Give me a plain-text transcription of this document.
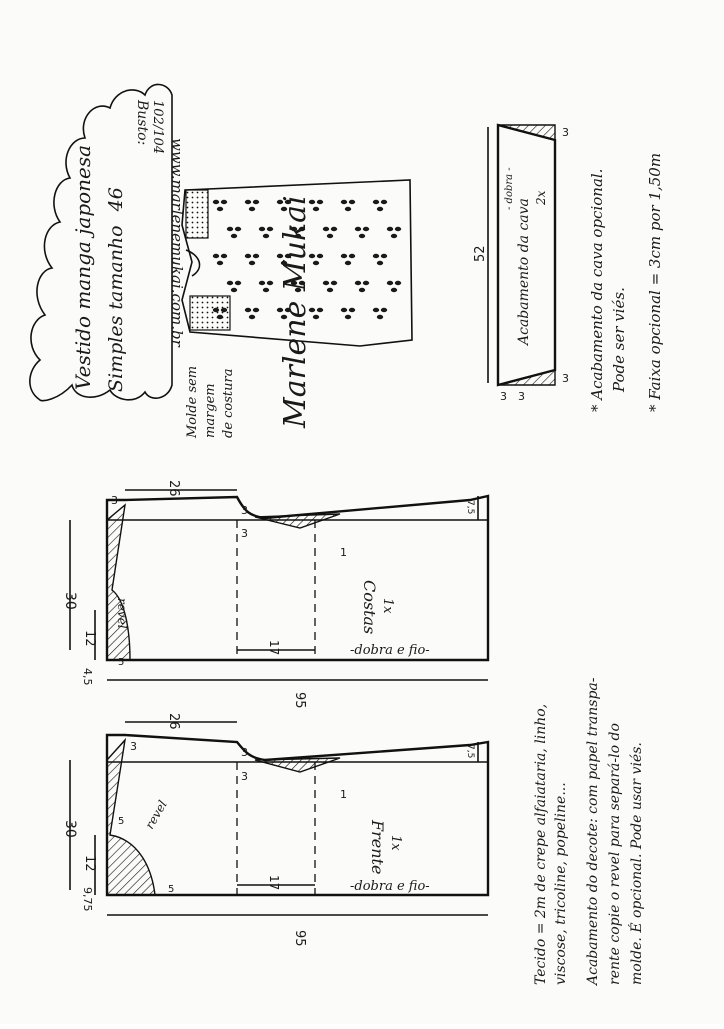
Vestido manga japonesa Simples tamanho 46
Busto: 102/104
www.marlenemukai.com.br
Molde sem margem de costura Marlene Mukai	52 Acabamento da cava
- dobra - 2x
3
3
3
3	* Acabamento da cava opcional. Pode ser viés. * Faixa opcional = 3cm por 1,50m
26
30
12
4,5
95
3
3
3
17
7,5
5
1
revel	Costas 1x
-dobra e fio-
26
30
12
9,75
95
3	3
3
17
7,5
5
5
1
revel
Frente 1x
-dobra e fio-	Tecido = 2m de crepe alfaiataria, linho, viscose, tricoline, popeline... Acabamento do decote: com papel transpa- rente copie o revel para separá-lo do molde. É opcional. Pode usar viés.
